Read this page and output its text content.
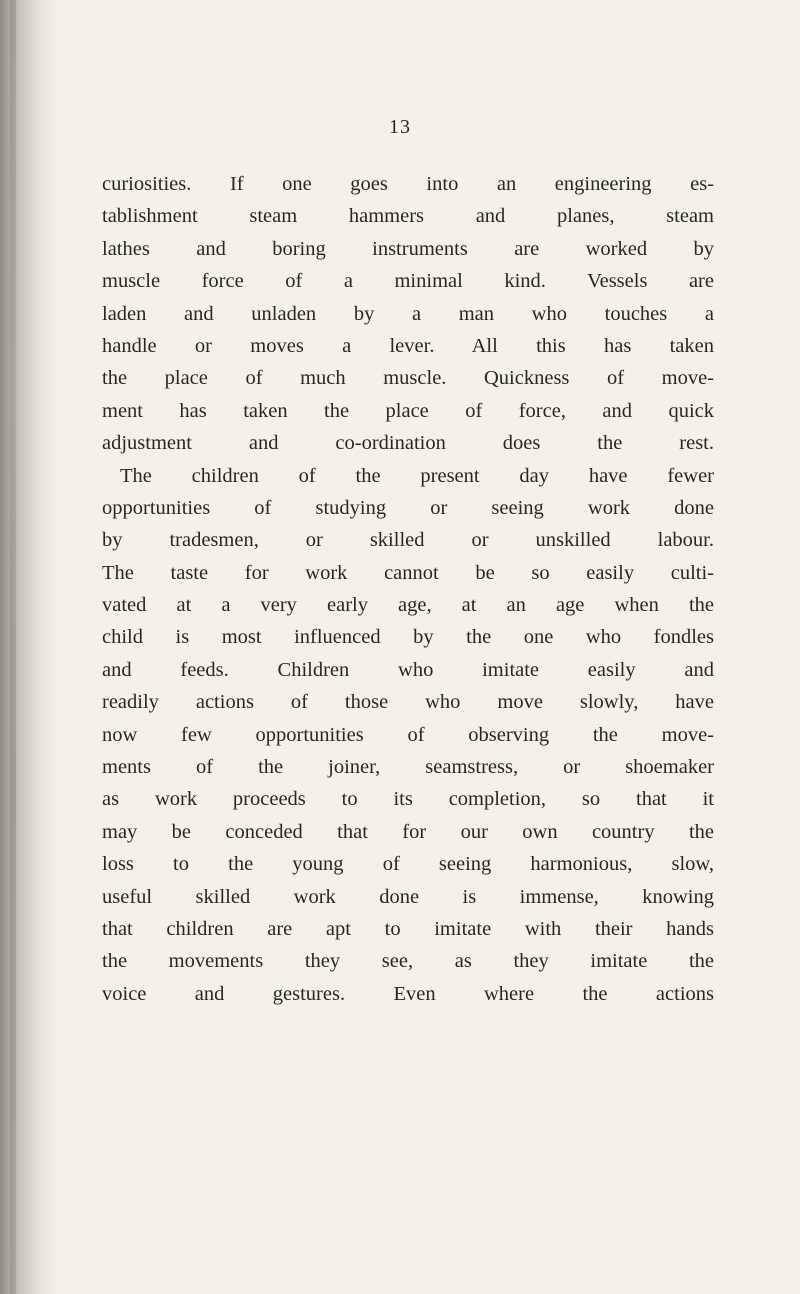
13
curiosities. If one goes into an engineering es-
tablishment steam hammers and planes, steam
lathes and boring instruments are worked by
muscle force of a minimal kind. Vessels are
laden and unladen by a man who touches a
handle or moves a lever. All this has taken
the place of much muscle. Quickness of move-
ment has taken the place of force, and quick
adjustment and co-ordination does the rest.
The children of the present day have fewer
opportunities of studying or seeing work done
by tradesmen, or skilled or unskilled labour.
The taste for work cannot be so easily culti-
vated at a very early age, at an age when the
child is most influenced by the one who fondles
and feeds. Children who imitate easily and
readily actions of those who move slowly, have
now few opportunities of observing the move-
ments of the joiner, seamstress, or shoemaker
as work proceeds to its completion, so that it
may be conceded that for our own country the
loss to the young of seeing harmonious, slow,
useful skilled work done is immense, knowing
that children are apt to imitate with their hands
the movements they see, as they imitate the
voice and gestures. Even where the actions
